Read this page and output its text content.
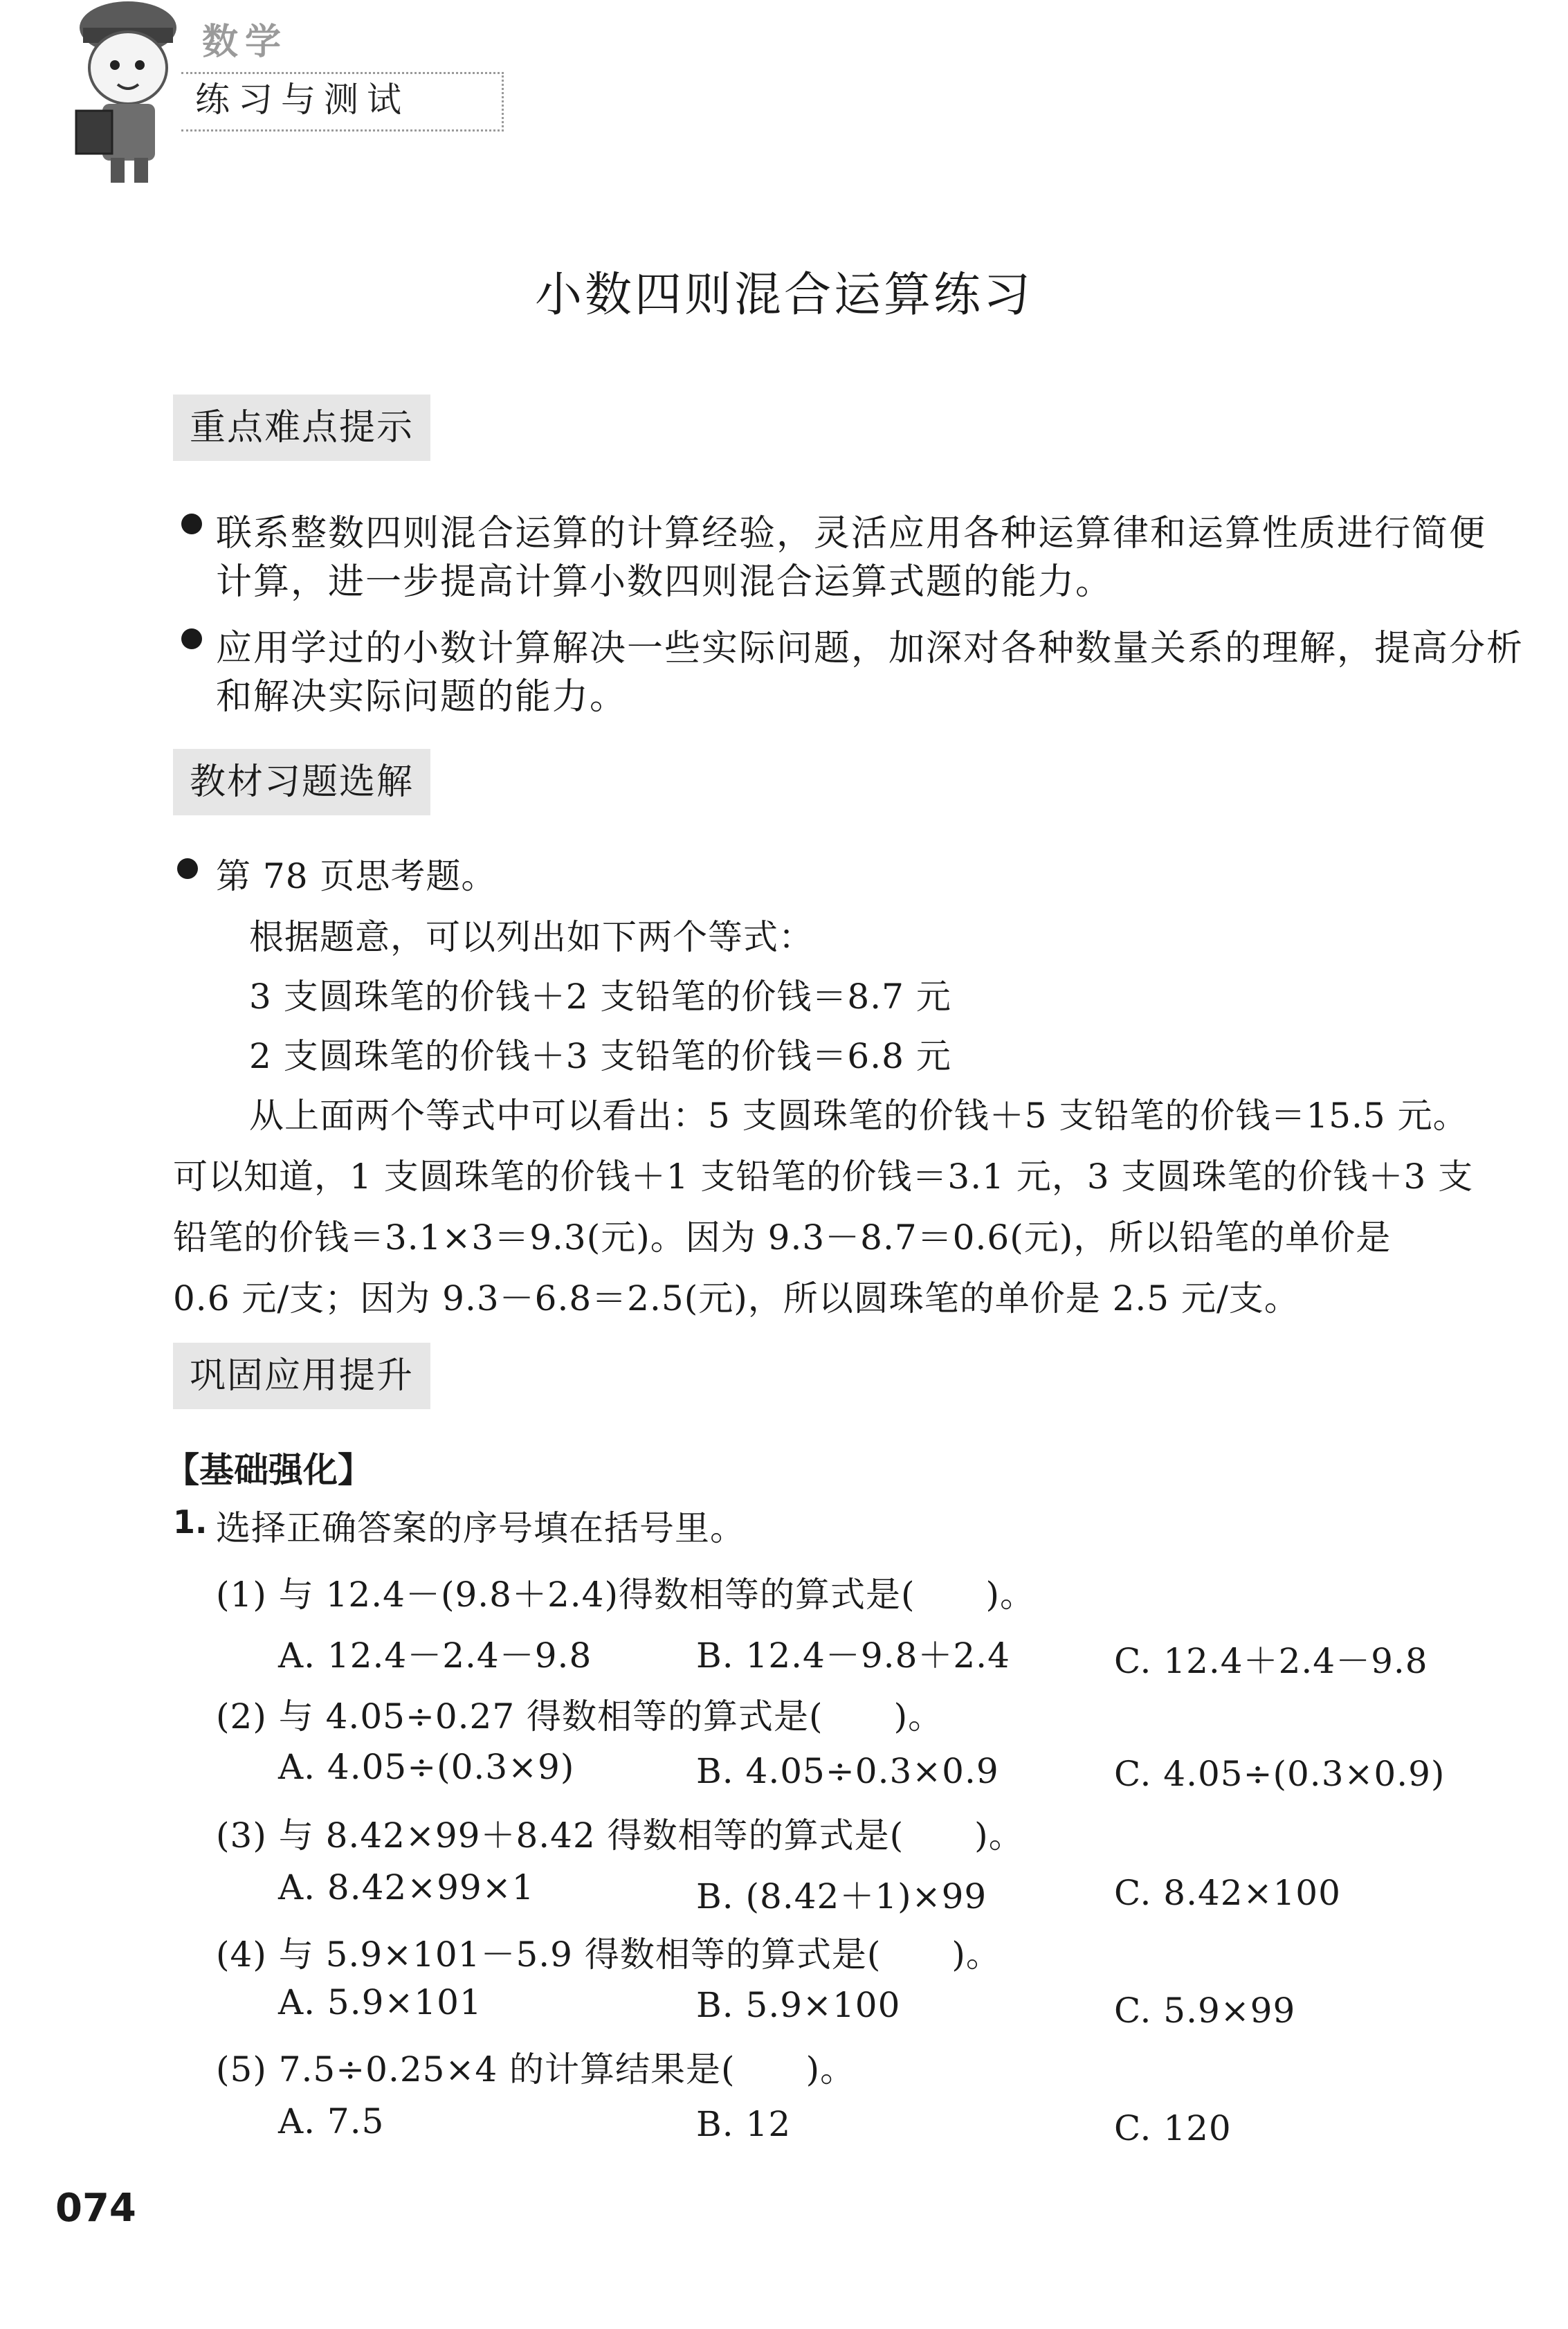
数学
练习与测试
小数四则混合运算练习
重点难点提示
联系整数四则混合运算的计算经验，灵活应用各种运算律和运算性质进行简便
计算，进一步提高计算小数四则混合运算式题的能力。
应用学过的小数计算解决一些实际问题，加深对各种数量关系的理解，提高分析
和解决实际问题的能力。
教材习题选解
第 78 页思考题。
根据题意，可以列出如下两个等式：
3 支圆珠笔的价钱＋2 支铅笔的价钱＝8.7 元
2 支圆珠笔的价钱＋3 支铅笔的价钱＝6.8 元
从上面两个等式中可以看出：5 支圆珠笔的价钱＋5 支铅笔的价钱＝15.5 元。
可以知道，1 支圆珠笔的价钱＋1 支铅笔的价钱＝3.1 元，3 支圆珠笔的价钱＋3 支
铅笔的价钱＝3.1×3＝9.3(元)。因为 9.3－8.7＝0.6(元)，所以铅笔的单价是
0.6 元/支；因为 9.3－6.8＝2.5(元)，所以圆珠笔的单价是 2.5 元/支。
巩固应用提升
【基础强化】
1. 选择正确答案的序号填在括号里。
(1) 与 12.4－(9.8＋2.4)得数相等的算式是(　　)。
A. 12.4－2.4－9.8	B. 12.4－9.8＋2.4	C. 12.4＋2.4－9.8
(2) 与 4.05÷0.27 得数相等的算式是(　　)。
A. 4.05÷(0.3×9)	B. 4.05÷0.3×0.9	C. 4.05÷(0.3×0.9)
(3) 与 8.42×99＋8.42 得数相等的算式是(　　)。
A. 8.42×99×1	B. (8.42＋1)×99	C. 8.42×100
(4) 与 5.9×101－5.9 得数相等的算式是(　　)。
A. 5.9×101	B. 5.9×100	C. 5.9×99
(5) 7.5÷0.25×4 的计算结果是(　　)。
A. 7.5	B. 12	C. 120
074
